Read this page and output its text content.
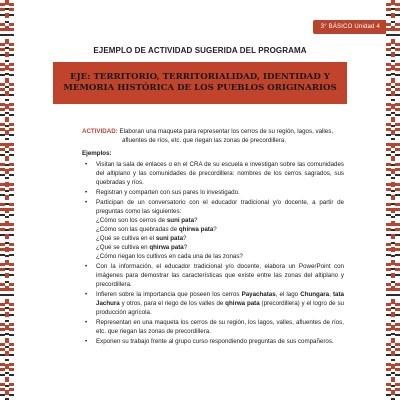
3° BÁSICO Unidad 4
EJEMPLO DE ACTIVIDAD SUGERIDA DEL PROGRAMA
EJE: TERRITORIO, TERRITORIALIDAD, IDENTIDAD Y
MEMORIA HISTÓRICA DE LOS PUEBLOS ORIGINARIOS
ACTIVIDAD: Elaboran una maqueta para representar los cerros de su región, lagos, valles,
afluentes de ríos, etc. que riegan las zonas de precordillera.
Ejemplos:
• Visitan la sala de enlaces o en el CRA de su escuela e investigan sobre las comunidades del altiplano y las comunidades de precordillera: nombres de los cerros sagrados, sus quebradas y ríos.
• Registran y comparten con sus pares lo investigado.
• Participan de un conversatorio con el educador tradicional y/o docente, a partir de preguntas como las siguientes:
¿Cómo son los cerros de suni pata?
¿Cómo son las quebradas de qhirwa pata?
¿Qué se cultiva en el suni pata?
¿Qué se cultiva en qhirwa pata?
¿Cómo riegan los cultivos en cada una de las zonas?
• Con la información, el educador tradicional y/o docente, elabora un PowerPoint con imágenes para demostrar las características que existe entre las zonas del altiplano y precordillera.
• Infieren sobre la importancia que poseen los cerros Payachatas, el lago Chungara, tata Jachura y otros, para el riego de los valles de qhirwa pata (precordillera) y el logro de su producción agrícola.
• Representan en una maqueta los cerros de su región, los lagos, valles, afluentes de ríos, etc. que riegan las zonas de precordillera.
• Exponen su trabajo frente al grupo curso respondiendo preguntas de sus compañeros.
